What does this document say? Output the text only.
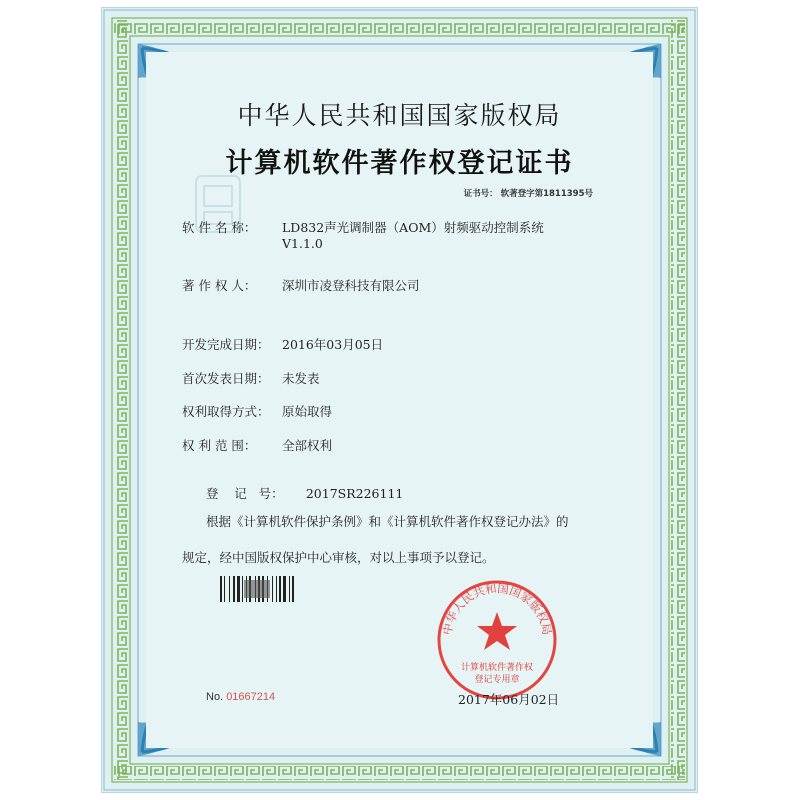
中华人民共和国国家版权局
计算机软件著作权登记证书
证书号： 软著登字第1811395号
软 件 名 称： LD832声光调制器（AOM）射频驱动控制系统
V1.1.0
著 作 权 人： 深圳市凌登科技有限公司
开发完成日期： 2016年03月05日
首次发表日期： 未发表
权利取得方式： 原始取得
权 利 范 围： 全部权利

登    记   号： 2017SR226111

根据《计算机软件保护条例》和《计算机软件著作权登记办法》的
规定，经中国版权保护中心审核，对以上事项予以登记。
No. 01667214
中华人民共和国国家版权局
计算机软件著作权
登记专用章
2017年06月02日
